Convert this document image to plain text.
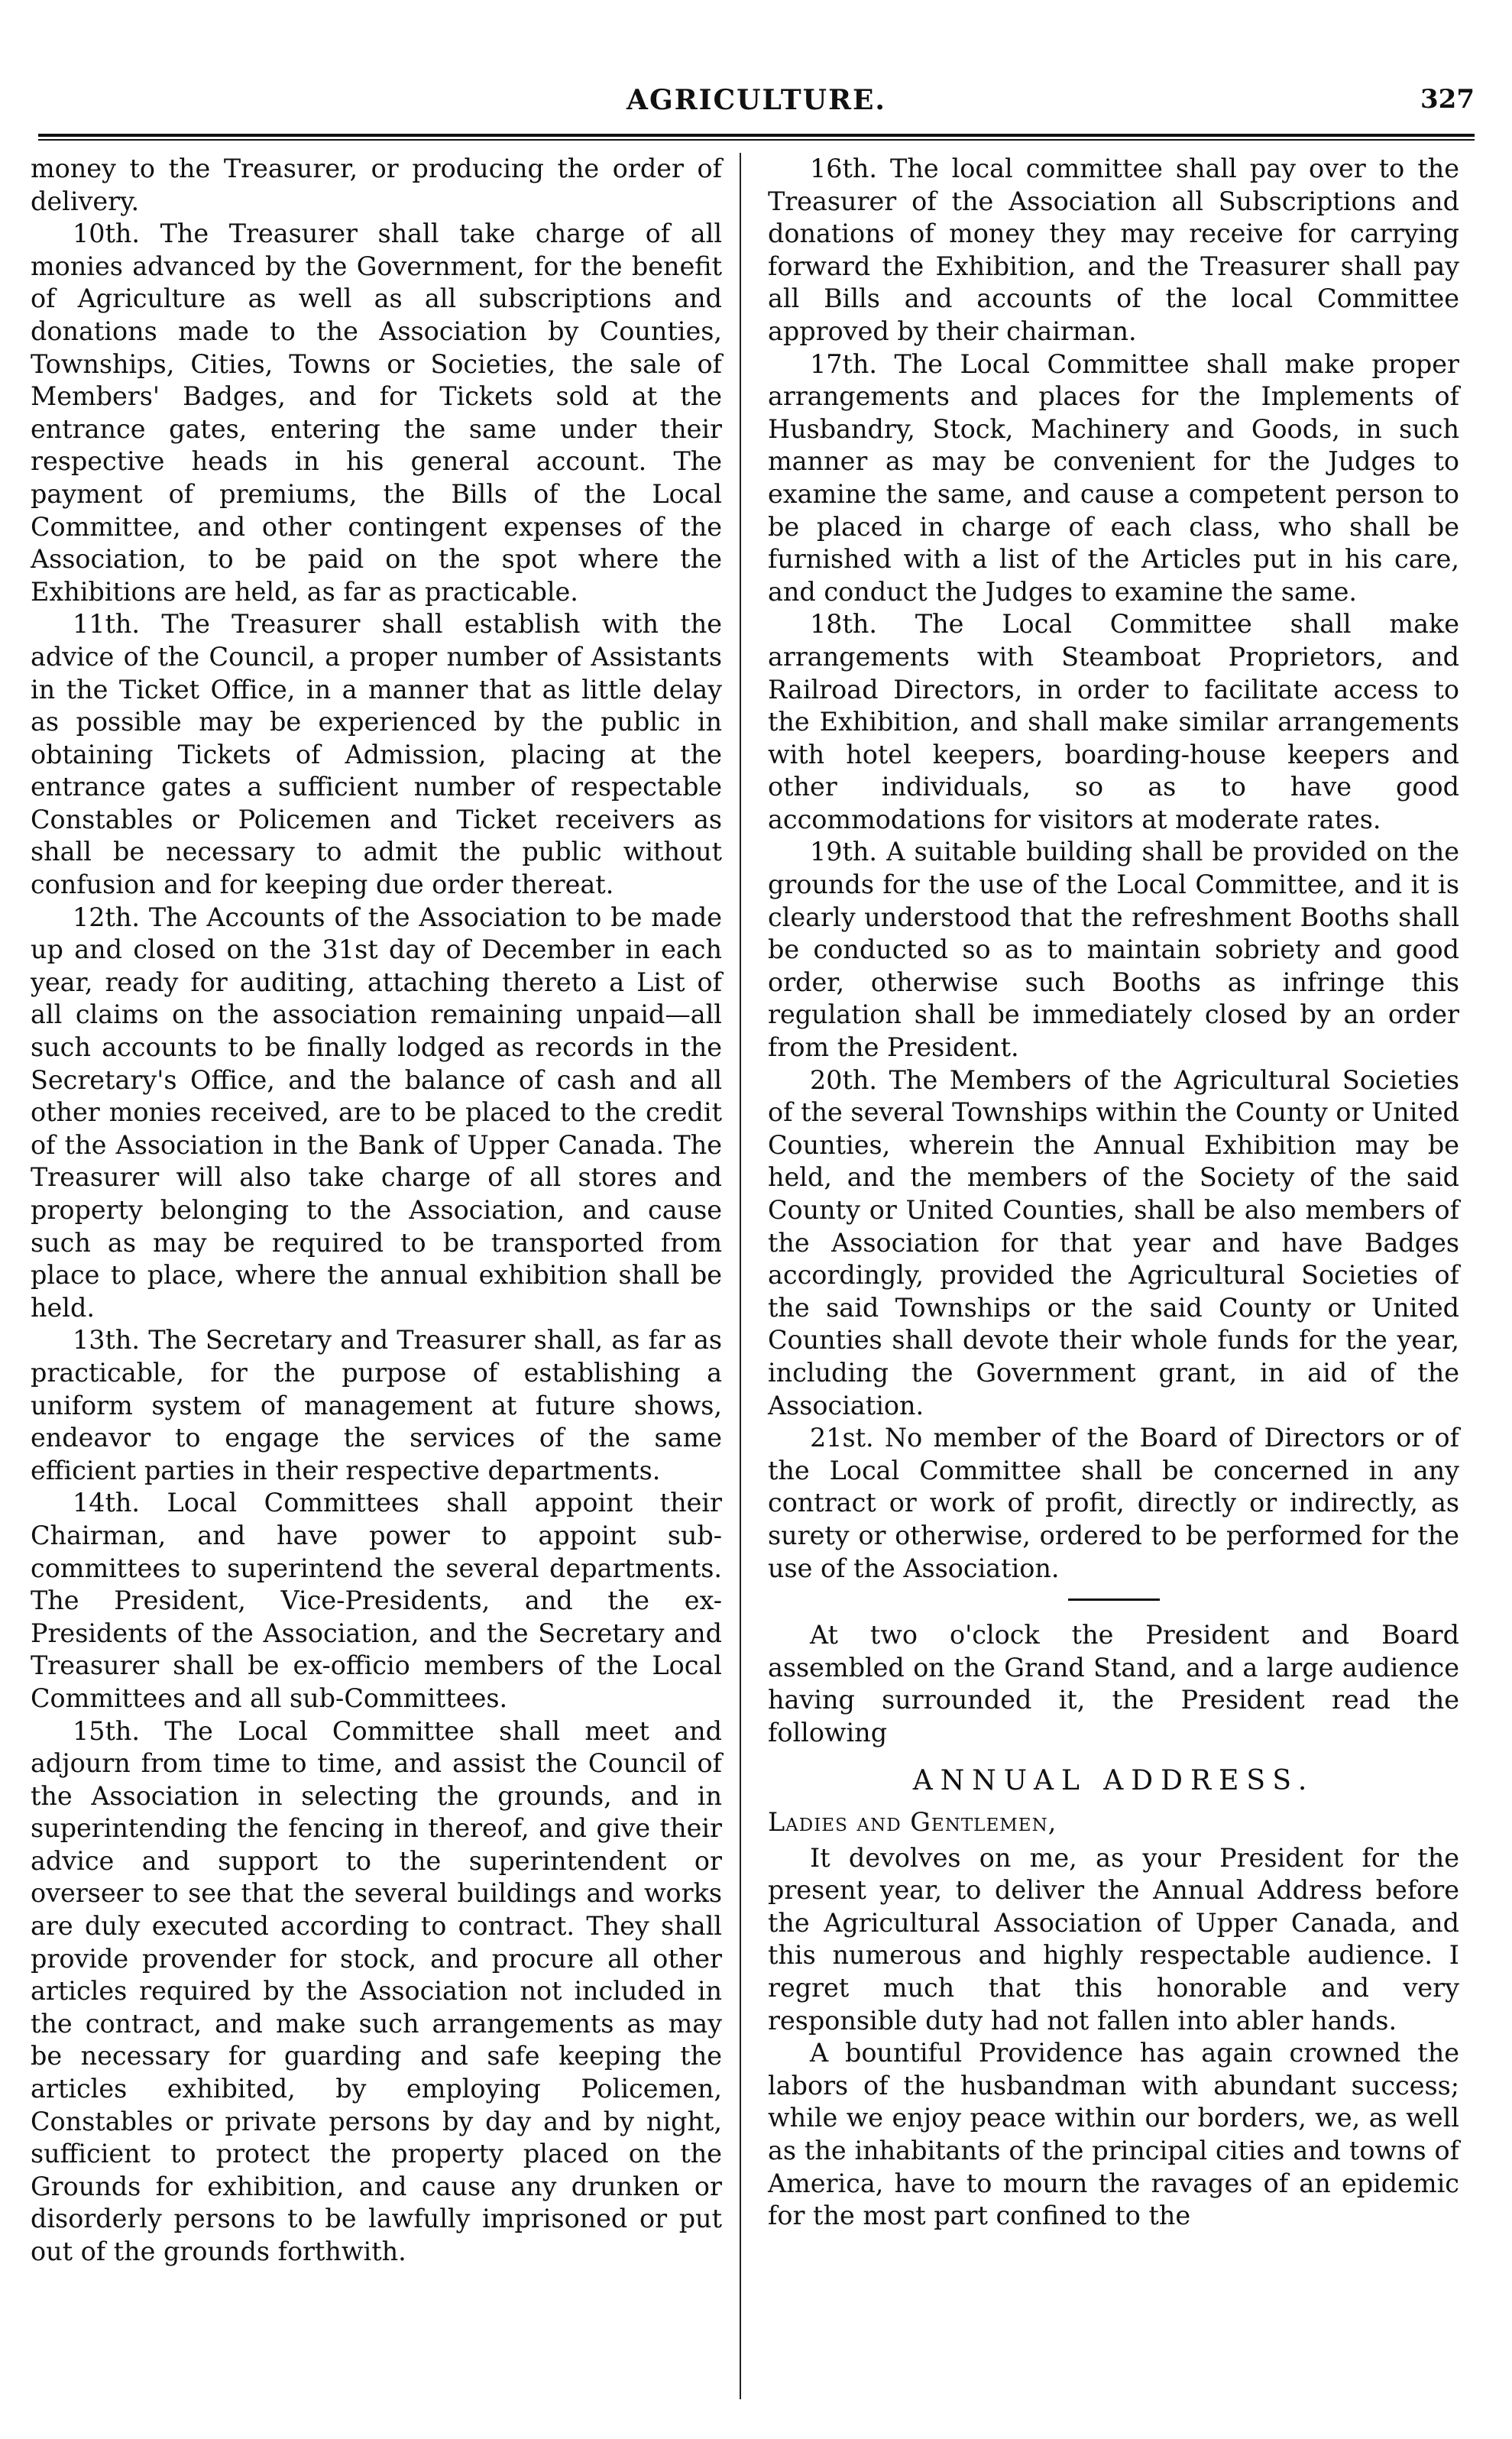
AGRICULTURE.	327

money to the Treasurer, or producing the order of delivery.

10th. The Treasurer shall take charge of all monies advanced by the Government, for the benefit of Agriculture as well as all subscriptions and donations made to the Association by Counties, Townships, Cities, Towns or Societies, the sale of Members' Badges, and for Tickets sold at the entrance gates, entering the same under their respective heads in his general account. The payment of premiums, the Bills of the Local Committee, and other contingent expenses of the Association, to be paid on the spot where the Exhibitions are held, as far as practicable.

11th. The Treasurer shall establish with the advice of the Council, a proper number of Assistants in the Ticket Office, in a manner that as little delay as possible may be experienced by the public in obtaining Tickets of Admission, placing at the entrance gates a sufficient number of respectable Constables or Policemen and Ticket receivers as shall be necessary to admit the public without confusion and for keeping due order thereat.

12th. The Accounts of the Association to be made up and closed on the 31st day of December in each year, ready for auditing, attaching thereto a List of all claims on the association remaining unpaid—all such accounts to be finally lodged as records in the Secretary's Office, and the balance of cash and all other monies received, are to be placed to the credit of the Association in the Bank of Upper Canada. The Treasurer will also take charge of all stores and property belonging to the Association, and cause such as may be required to be transported from place to place, where the annual exhibition shall be held.

13th. The Secretary and Treasurer shall, as far as practicable, for the purpose of establishing a uniform system of management at future shows, endeavor to engage the services of the same efficient parties in their respective departments.

14th. Local Committees shall appoint their Chairman, and have power to appoint sub-committees to superintend the several departments. The President, Vice-Presidents, and the ex-Presidents of the Association, and the Secretary and Treasurer shall be ex-officio members of the Local Committees and all sub-Committees.

15th. The Local Committee shall meet and adjourn from time to time, and assist the Council of the Association in selecting the grounds, and in superintending the fencing in thereof, and give their advice and support to the superintendent or overseer to see that the several buildings and works are duly executed according to contract. They shall provide provender for stock, and procure all other articles required by the Association not included in the contract, and make such arrangements as may be necessary for guarding and safe keeping the articles exhibited, by employing Policemen, Constables or private persons by day and by night, sufficient to protect the property placed on the Grounds for exhibition, and cause any drunken or disorderly persons to be lawfully imprisoned or put out of the grounds forthwith.

16th. The local committee shall pay over to the Treasurer of the Association all Subscriptions and donations of money they may receive for carrying forward the Exhibition, and the Treasurer shall pay all Bills and accounts of the local Committee approved by their chairman.

17th. The Local Committee shall make proper arrangements and places for the Implements of Husbandry, Stock, Machinery and Goods, in such manner as may be convenient for the Judges to examine the same, and cause a competent person to be placed in charge of each class, who shall be furnished with a list of the Articles put in his care, and conduct the Judges to examine the same.

18th. The Local Committee shall make arrangements with Steamboat Proprietors, and Railroad Directors, in order to facilitate access to the Exhibition, and shall make similar arrangements with hotel keepers, boarding-house keepers and other individuals, so as to have good accommodations for visitors at moderate rates.

19th. A suitable building shall be provided on the grounds for the use of the Local Committee, and it is clearly understood that the refreshment Booths shall be conducted so as to maintain sobriety and good order, otherwise such Booths as infringe this regulation shall be immediately closed by an order from the President.

20th. The Members of the Agricultural Societies of the several Townships within the County or United Counties, wherein the Annual Exhibition may be held, and the members of the Society of the said County or United Counties, shall be also members of the Association for that year and have Badges accordingly, provided the Agricultural Societies of the said Townships or the said County or United Counties shall devote their whole funds for the year, including the Government grant, in aid of the Association.

21st. No member of the Board of Directors or of the Local Committee shall be concerned in any contract or work of profit, directly or indirectly, as surety or otherwise, ordered to be performed for the use of the Association.

At two o'clock the President and Board assembled on the Grand Stand, and a large audience having surrounded it, the President read the following

ANNUAL ADDRESS.
Ladies and Gentlemen,

It devolves on me, as your President for the present year, to deliver the Annual Address before the Agricultural Association of Upper Canada, and this numerous and highly respectable audience. I regret much that this honorable and very responsible duty had not fallen into abler hands.

A bountiful Providence has again crowned the labors of the husbandman with abundant success; while we enjoy peace within our borders, we, as well as the inhabitants of the principal cities and towns of America, have to mourn the ravages of an epidemic for the most part confined to the
